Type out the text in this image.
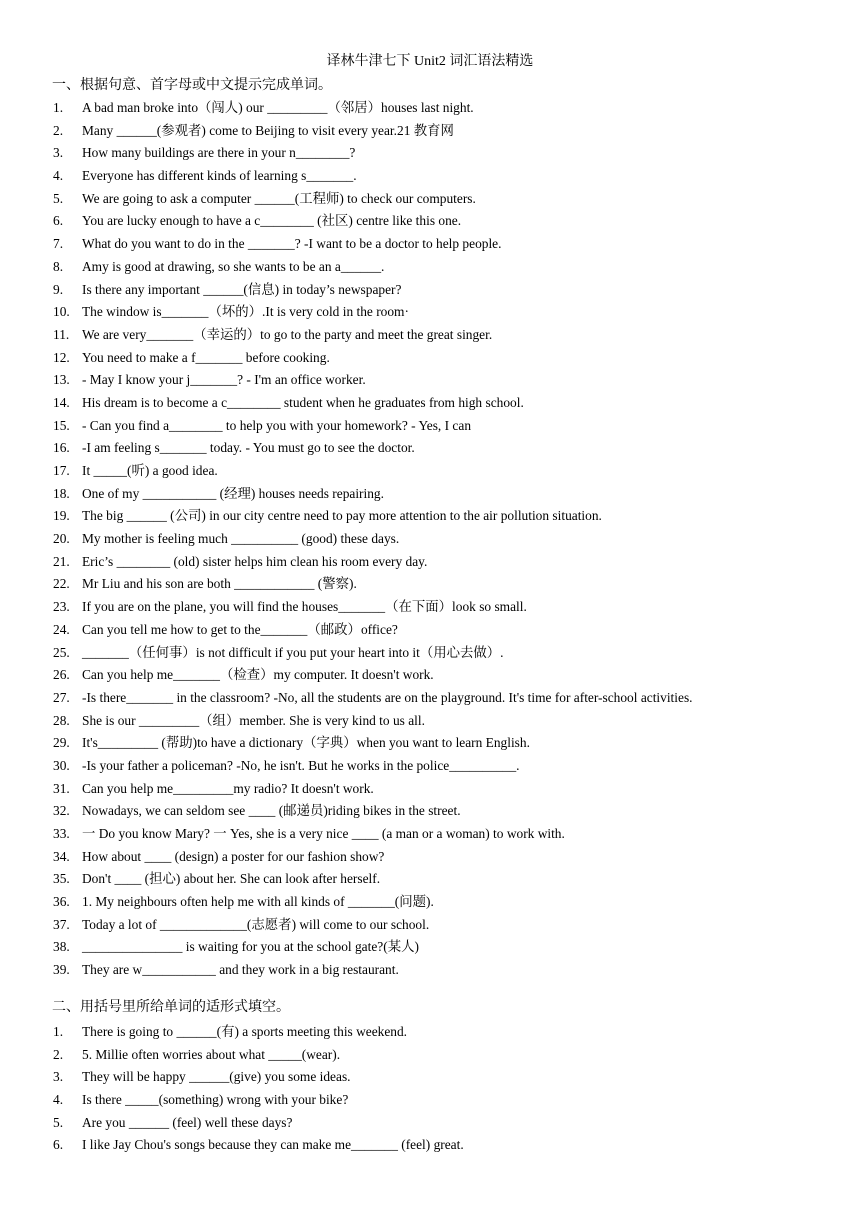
译林牛津七下 Unit2 词汇语法精选
一、根据句意、首字母或中文提示完成单词。
1. A bad man broke into（闯人) our _________（邻居）houses last night.
2. Many ______(参观者) come to Beijing to visit every year.21 教育网
3. How many buildings are there in your n________?
4. Everyone has different kinds of learning s_______.
5. We are going to ask a computer ______(工程师) to check our computers.
6. You are lucky enough to have a c________ (社区) centre like this one.
7. What do you want to do in the _______? -I want to be a doctor to help people.
8. Amy is good at drawing, so she wants to be an a______.
9. Is there any important ______(信息) in today’s newspaper?
10. The window is_______（坏的）.It is very cold in the room·
11. We are very_______（幸运的）to go to the party and meet the great singer.
12. You need to make a f_______ before cooking.
13. - May I know your j_______? - I'm an office worker.
14. His dream is to become a c________ student when he graduates from high school.
15. - Can you find a________ to help you with your homework? - Yes, I can
16. -I am feeling s_______ today. - You must go to see the doctor.
17. It _____(听) a good idea.
18. One of my ___________ (经理) houses needs repairing.
19. The big ______ (公司) in our city centre need to pay more attention to the air pollution situation.
20. My mother is feeling much __________ (good) these days.
21. Eric’s ________ (old) sister helps him clean his room every day.
22. Mr Liu and his son are both ____________ (警察).
23. If you are on the plane, you will find the houses_______（在下面）look so small.
24. Can you tell me how to get to the_______（邮政）office?
25. _______（任何事）is not difficult if you put your heart into it（用心去做）.
26. Can you help me_______（检查）my computer. It doesn't work.
27. -Is there_______ in the classroom? -No, all the students are on the playground. It's time for after-school activities.
28. She is our _________（组）member. She is very kind to us all.
29. It's_________ (帮助)to have a dictionary（字典）when you want to learn English.
30. -Is your father a policeman? -No, he isn't. But he works in the police__________.
31. Can you help me_________my radio? It doesn't work.
32. Nowadays, we can seldom see ____ (邮递员)riding bikes in the street.
33. 一 Do you know Mary? 一 Yes, she is a very nice ____ (a man or a woman) to work with.
34. How about ____ (design) a poster for our fashion show?
35. Don't ____ (担心) about her. She can look after herself.
36. 1. My neighbours often help me with all kinds of _______(问题).
37. Today a lot of _____________(志愿者) will come to our school.
38. _______________ is waiting for you at the school gate?(某人)
39. They are w___________ and they work in a big restaurant.
二、用括号里所给单词的适形式填空。
1. There is going to ______(有) a sports meeting this weekend.
2. 5. Millie often worries about what _____(wear).
3. They will be happy ______(give) you some ideas.
4. Is there _____(something) wrong with your bike?
5. Are you ______ (feel) well these days?
6. I like Jay Chou's songs because they can make me_______ (feel) great.
